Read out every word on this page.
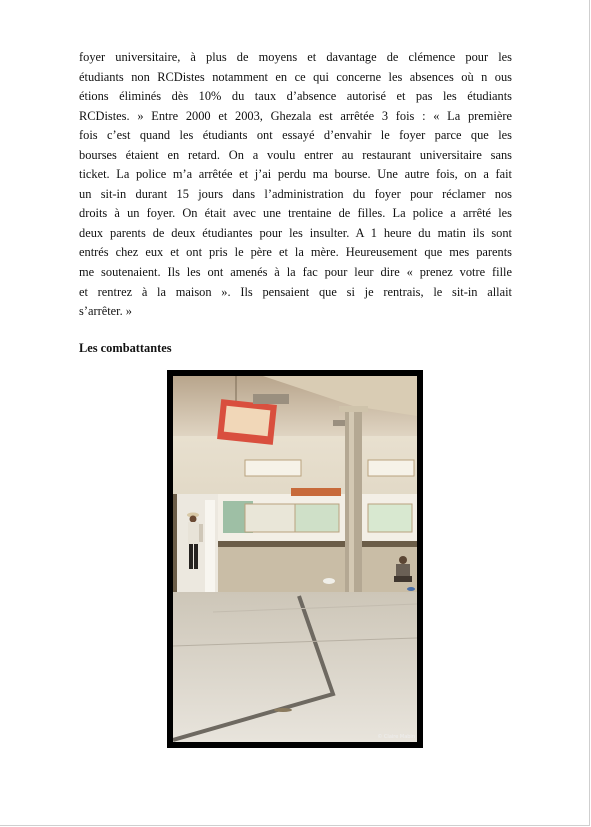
foyer universitaire, à plus de moyens et davantage de clémence pour les
étudiants non RCDistes notamment en ce qui concerne les absences où n ous
étions éliminés dès 10% du taux d’absence autorisé et pas les étudiants
RCDistes. » Entre 2000 et 2003, Ghezala est arrêtée 3 fois : « La première
fois c’est quand les étudiants ont essayé d’envahir le foyer parce que les
bourses étaient en retard. On a voulu entrer au restaurant universitaire sans
ticket. La police m’a arrêtée et j’ai perdu ma bourse. Une autre fois, on a fait
un sit-in durant 15 jours dans l’administration du foyer pour réclamer nos
droits à un foyer. On était avec une trentaine de filles. La police a arrêté les
deux parents de deux étudiantes pour les insulter. A 1 heure du matin ils sont
entrés chez eux et ont pris le père et la mère. Heureusement que mes parents
me soutenaient. Ils les ont amenés à la fac pour leur dire « prenez votre fille
et rentrez à la maison ». Ils pensaient que si je rentrais, le sit-in allait
s’arrêter. »
Les combattantes
© Claire Mabin
